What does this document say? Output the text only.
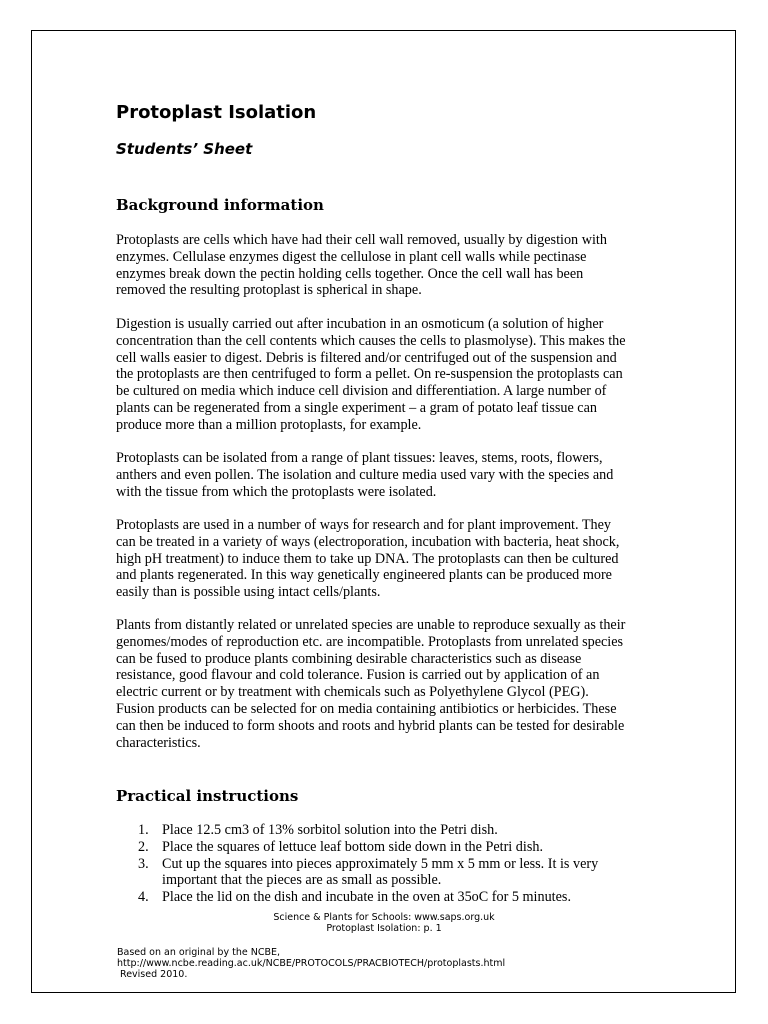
Protoplast Isolation
Students’ Sheet
Background information
Protoplasts are cells which have had their cell wall removed, usually by digestion with
enzymes. Cellulase enzymes digest the cellulose in plant cell walls while pectinase
enzymes break down the pectin holding cells together. Once the cell wall has been
removed the resulting protoplast is spherical in shape.
Digestion is usually carried out after incubation in an osmoticum (a solution of higher
concentration than the cell contents which causes the cells to plasmolyse). This makes the
cell walls easier to digest. Debris is filtered and/or centrifuged out of the suspension and
the protoplasts are then centrifuged to form a pellet. On re-suspension the protoplasts can
be cultured on media which induce cell division and differentiation. A large number of
plants can be regenerated from a single experiment – a gram of potato leaf tissue can
produce more than a million protoplasts, for example.
Protoplasts can be isolated from a range of plant tissues: leaves, stems, roots, flowers,
anthers and even pollen. The isolation and culture media used vary with the species and
with the tissue from which the protoplasts were isolated.
Protoplasts are used in a number of ways for research and for plant improvement. They
can be treated in a variety of ways (electroporation, incubation with bacteria, heat shock,
high pH treatment) to induce them to take up DNA. The protoplasts can then be cultured
and plants regenerated. In this way genetically engineered plants can be produced more
easily than is possible using intact cells/plants.
Plants from distantly related or unrelated species are unable to reproduce sexually as their
genomes/modes of reproduction etc. are incompatible. Protoplasts from unrelated species
can be fused to produce plants combining desirable characteristics such as disease
resistance, good flavour and cold tolerance. Fusion is carried out by application of an
electric current or by treatment with chemicals such as Polyethylene Glycol (PEG).
Fusion products can be selected for on media containing antibiotics or herbicides. These
can then be induced to form shoots and roots and hybrid plants can be tested for desirable
characteristics.
Practical instructions
1. Place 12.5 cm3 of 13% sorbitol solution into the Petri dish.
2. Place the squares of lettuce leaf bottom side down in the Petri dish.
3. Cut up the squares into pieces approximately 5 mm x 5 mm or less. It is very
important that the pieces are as small as possible.
4. Place the lid on the dish and incubate in the oven at 35oC for 5 minutes.
Science & Plants for Schools: www.saps.org.uk
Protoplast Isolation: p. 1
Based on an original by the NCBE,
http://www.ncbe.reading.ac.uk/NCBE/PROTOCOLS/PRACBIOTECH/protoplasts.html
Revised 2010.
